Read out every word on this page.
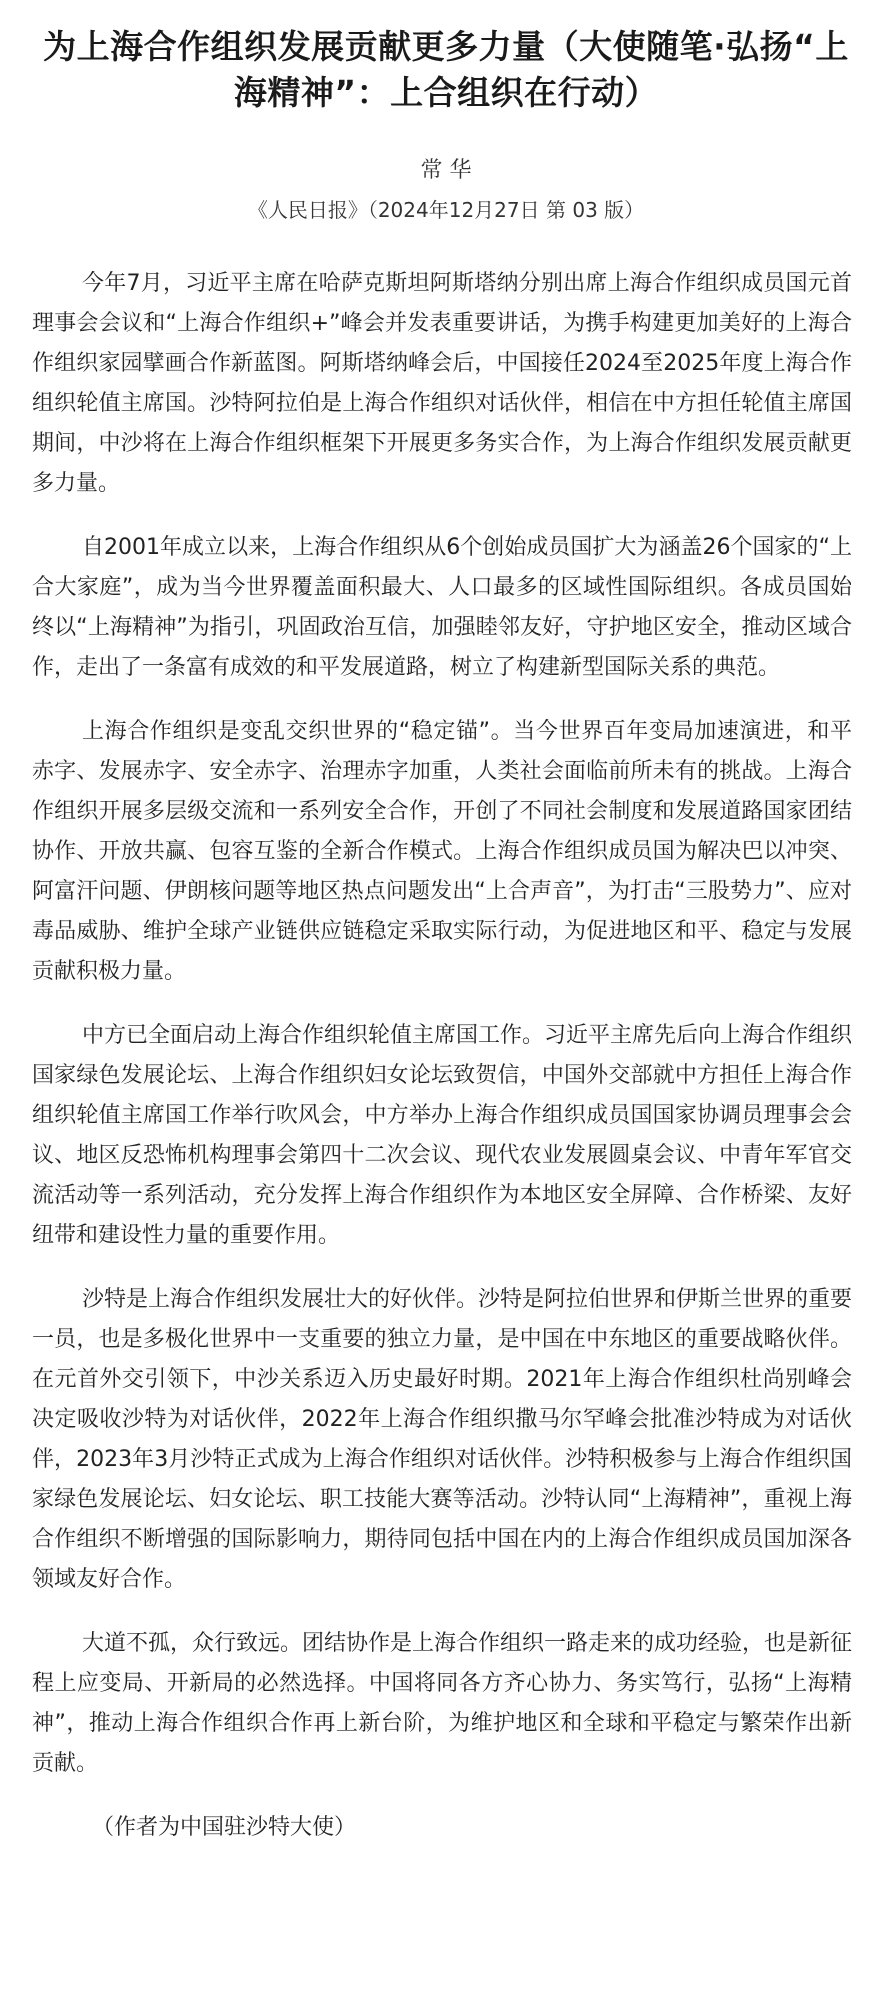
为上海合作组织发展贡献更多力量（大使随笔·弘扬“上海精神”：上合组织在行动）
常 华
《人民日报》（2024年12月27日 第 03 版）

今年7月，习近平主席在哈萨克斯坦阿斯塔纳分别出席上海合作组织成员国元首理事会会议和“上海合作组织+”峰会并发表重要讲话，为携手构建更加美好的上海合作组织家园擘画合作新蓝图。阿斯塔纳峰会后，中国接任2024至2025年度上海合作组织轮值主席国。沙特阿拉伯是上海合作组织对话伙伴，相信在中方担任轮值主席国期间，中沙将在上海合作组织框架下开展更多务实合作，为上海合作组织发展贡献更多力量。

自2001年成立以来，上海合作组织从6个创始成员国扩大为涵盖26个国家的“上合大家庭”，成为当今世界覆盖面积最大、人口最多的区域性国际组织。各成员国始终以“上海精神”为指引，巩固政治互信，加强睦邻友好，守护地区安全，推动区域合作，走出了一条富有成效的和平发展道路，树立了构建新型国际关系的典范。

上海合作组织是变乱交织世界的“稳定锚”。当今世界百年变局加速演进，和平赤字、发展赤字、安全赤字、治理赤字加重，人类社会面临前所未有的挑战。上海合作组织开展多层级交流和一系列安全合作，开创了不同社会制度和发展道路国家团结协作、开放共赢、包容互鉴的全新合作模式。上海合作组织成员国为解决巴以冲突、阿富汗问题、伊朗核问题等地区热点问题发出“上合声音”，为打击“三股势力”、应对毒品威胁、维护全球产业链供应链稳定采取实际行动，为促进地区和平、稳定与发展贡献积极力量。

中方已全面启动上海合作组织轮值主席国工作。习近平主席先后向上海合作组织国家绿色发展论坛、上海合作组织妇女论坛致贺信，中国外交部就中方担任上海合作组织轮值主席国工作举行吹风会，中方举办上海合作组织成员国国家协调员理事会会议、地区反恐怖机构理事会第四十二次会议、现代农业发展圆桌会议、中青年军官交流活动等一系列活动，充分发挥上海合作组织作为本地区安全屏障、合作桥梁、友好纽带和建设性力量的重要作用。

沙特是上海合作组织发展壮大的好伙伴。沙特是阿拉伯世界和伊斯兰世界的重要一员，也是多极化世界中一支重要的独立力量，是中国在中东地区的重要战略伙伴。在元首外交引领下，中沙关系迈入历史最好时期。2021年上海合作组织杜尚别峰会决定吸收沙特为对话伙伴，2022年上海合作组织撒马尔罕峰会批准沙特成为对话伙伴，2023年3月沙特正式成为上海合作组织对话伙伴。沙特积极参与上海合作组织国家绿色发展论坛、妇女论坛、职工技能大赛等活动。沙特认同“上海精神”，重视上海合作组织不断增强的国际影响力，期待同包括中国在内的上海合作组织成员国加深各领域友好合作。

大道不孤，众行致远。团结协作是上海合作组织一路走来的成功经验，也是新征程上应变局、开新局的必然选择。中国将同各方齐心协力、务实笃行，弘扬“上海精神”，推动上海合作组织合作再上新台阶，为维护地区和全球和平稳定与繁荣作出新贡献。

（作者为中国驻沙特大使）
